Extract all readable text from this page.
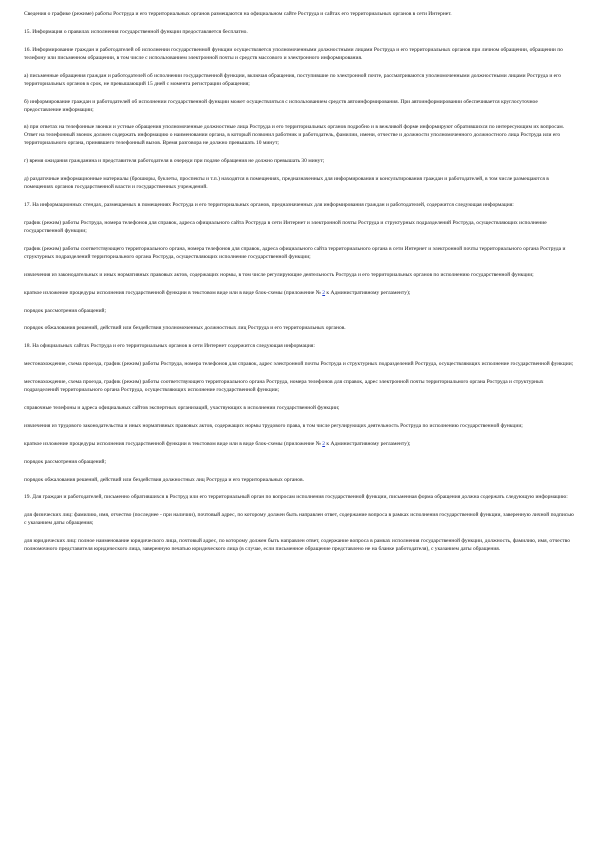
Сведения о графике (режиме) работы Роструда и его территориальных органов размещаются на официальном сайте Роструда и сайтах его территориальных органов в сети Интернет.
15. Информация о правилах исполнения государственной функции предоставляется бесплатно.
16. Информирование граждан и работодателей об исполнении государственной функции осуществляется уполномоченными должностными лицами Роструда и его территориальных органов при личном обращении, обращении по телефону или письменном обращении, в том числе с использованием электронной почты и средств массового и электронного информирования.
а) письменные обращения граждан и работодателей об исполнении государственной функции, включая обращения, поступившие по электронной почте, рассматриваются уполномоченными должностными лицами Роструда и его территориальных органов в срок, не превышающий 15 дней с момента регистрации обращения;
б) информирование граждан и работодателей об исполнении государственной функции может осуществляться с использованием средств автоинформирования. При автоинформировании обеспечивается круглосуточное предоставление информации;
в) при ответах на телефонные звонки и устные обращения уполномоченные должностные лица Роструда и его территориальных органов подробно и в вежливой форме информируют обратившихся по интересующим их вопросам. Ответ на телефонный звонок должен содержать информацию о наименовании органа, в который позвонил работник и работодатель, фамилии, имени, отчестве и должности уполномоченного должностного лица Роструда или его территориального органа, принявшего телефонный вызов. Время разговора не должно превышать 10 минут;
г) время ожидания гражданина и представителя работодателя в очереди при подаче обращения не должно превышать 30 минут;
д) раздаточные информационные материалы (брошюры, буклеты, проспекты и т.п.) находятся в помещениях, предназначенных для информирования и консультирования граждан и работодателей, в том числе размещаются в помещениях органов государственной власти и государственных учреждений.
17. На информационных стендах, размещаемых в помещениях Роструда и его территориальных органов, предназначенных для информирования граждан и работодателей, содержится следующая информация:
график (режим) работы Роструда, номера телефонов для справок, адреса официального сайта Роструда в сети Интернет и электронной почты Роструда и структурных подразделений Роструда, осуществляющих исполнение государственной функции;
график (режим) работы соответствующего территориального органа, номера телефонов для справок, адреса официального сайта территориального органа в сети Интернет и электронной почты территориального органа Роструда и структурных подразделений территориального органа Роструда, осуществляющих исполнение государственной функции;
извлечения из законодательных и иных нормативных правовых актов, содержащих нормы, в том числе регулирующие деятельность Роструда и его территориальных органов по исполнению государственной функции;
краткое изложение процедуры исполнения государственной функции в текстовом виде или в виде блок-схемы (приложение № 2 к Административному регламенту);
порядок рассмотрения обращений;
порядок обжалования решений, действий или бездействия уполномоченных должностных лиц Роструда и его территориальных органов.
18. На официальных сайтах Роструда и его территориальных органов в сети Интернет содержится следующая информация:
местонахождение, схема проезда, график (режим) работы Роструда, номера телефонов для справок, адрес электронной почты Роструда и структурных подразделений Роструда, осуществляющих исполнение государственной функции;
местонахождение, схема проезда, график (режим) работы соответствующего территориального органа Роструда, номера телефонов для справок, адрес электронной почты территориального органа Роструда и структурных подразделений территориального органа Роструда, осуществляющих исполнение государственной функции;
справочные телефоны и адреса официальных сайтов экспертных организаций, участвующих в исполнении государственной функции;
извлечения из трудового законодательства и иных нормативных правовых актов, содержащих нормы трудового права, в том числе регулирующих деятельность Роструда по исполнению государственной функции;
краткое изложение процедуры исполнения государственной функции в текстовом виде или в виде блок-схемы (приложение № 2 к Административному регламенту);
порядок рассмотрения обращений;
порядок обжалования решений, действий или бездействия должностных лиц Роструда и его территориальных органов.
19. Для граждан и работодателей, письменно обратившихся в Роструд или его территориальный орган по вопросам исполнения государственной функции, письменная форма обращения должна содержать следующую информацию:
для физических лиц: фамилию, имя, отчество (последнее - при наличии), почтовый адрес, по которому должен быть направлен ответ, содержание вопроса в рамках исполнения государственной функции, заверенную личной подписью с указанием даты обращения;
для юридических лиц: полное наименование юридического лица, почтовый адрес, по которому должен быть направлен ответ, содержание вопроса в рамках исполнения государственной функции, должность, фамилию, имя, отчество полномочного представителя юридического лица, заверенную печатью юридического лица (в случае, если письменное обращение представлено не на бланке работодателя), с указанием даты обращения.
